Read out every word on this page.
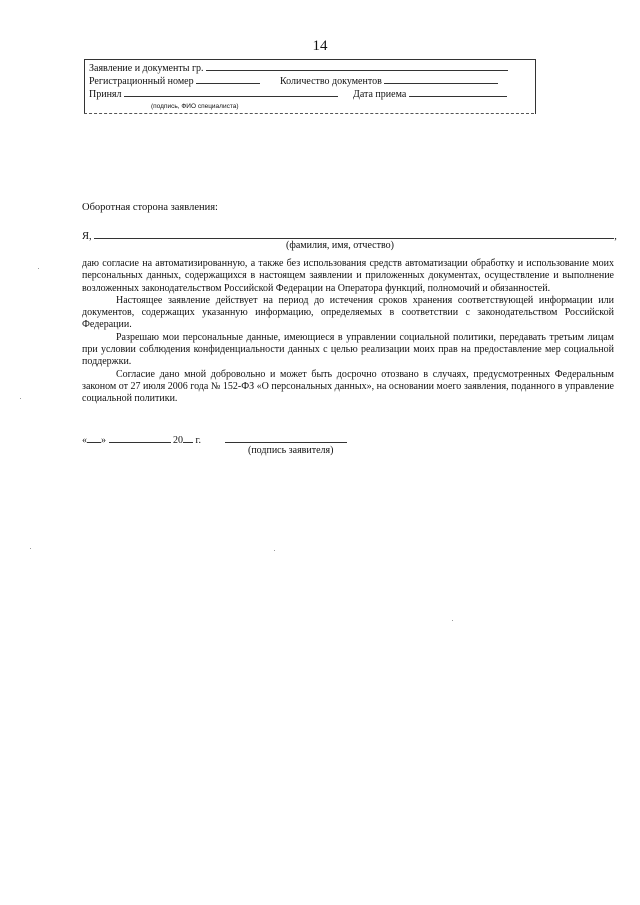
14
Заявление и документы гр.
Регистрационный номер	Количество документов
Принял	Дата приема
(подпись, ФИО специалиста)
Оборотная сторона заявления:
Я,	,
(фамилия, имя, отчество)

даю согласие на автоматизированную, а также без использования средств автоматизации обработку и использование моих персональных данных, содержащихся в настоящем заявлении и приложенных документах, осуществление и выполнение возложенных законодательством Российской Федерации на Оператора функций, полномочий и обязанностей.

Настоящее заявление действует на период до истечения сроков хранения соответствующей информации или документов, содержащих указанную информацию, определяемых в соответствии с законодательством Российской Федерации.

Разрешаю мои персональные данные, имеющиеся в управлении социальной политики, передавать третьим лицам при условии соблюдения конфиденциальности данных с целью реализации моих прав на предоставление мер социальной поддержки.

Согласие дано мной добровольно и может быть досрочно отозвано в случаях, предусмотренных Федеральным законом от 27 июля 2006 года № 152-ФЗ «О персональных данных», на основании моего заявления, поданного в управление социальной политики.

« »	20 г.
(подпись заявителя)
